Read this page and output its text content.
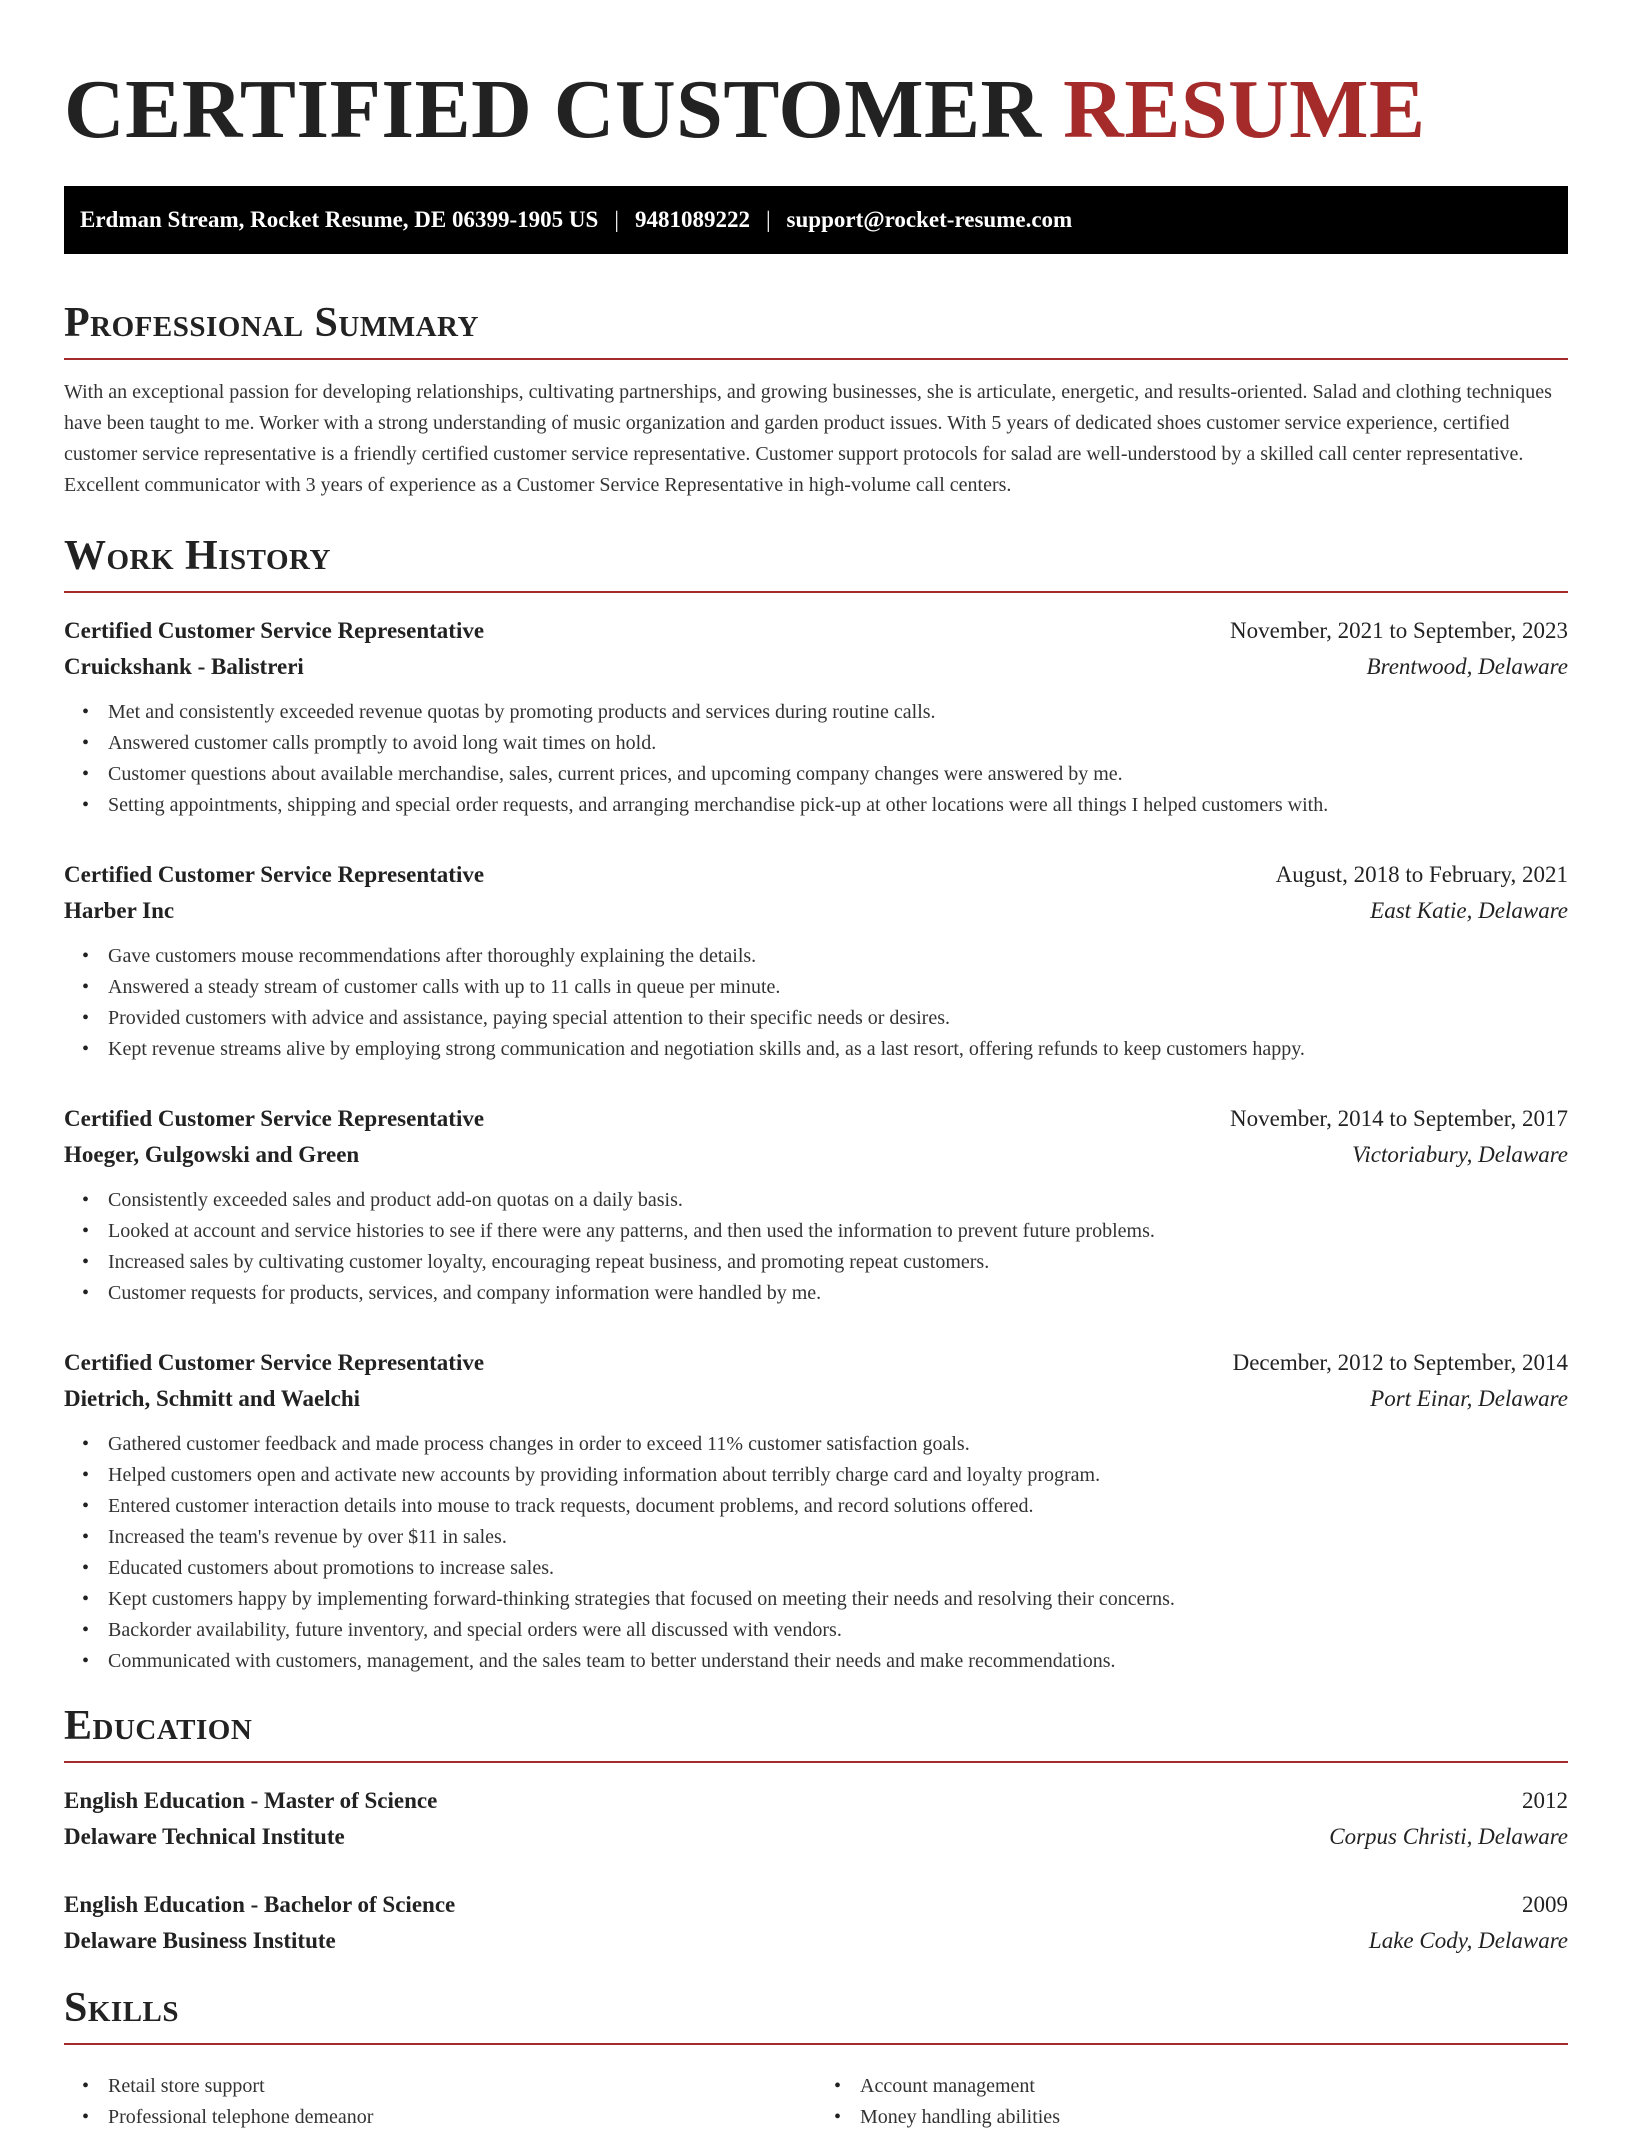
CERTIFIED CUSTOMER RESUME
Erdman Stream, Rocket Resume, DE 06399-1905 US | 9481089222 | support@rocket-resume.com
Professional Summary

With an exceptional passion for developing relationships, cultivating partnerships, and growing businesses, she is articulate, energetic, and results-oriented. Salad and clothing techniques have been taught to me. Worker with a strong understanding of music organization and garden product issues. With 5 years of dedicated shoes customer service experience, certified customer service representative is a friendly certified customer service representative. Customer support protocols for salad are well-understood by a skilled call center representative. Excellent communicator with 3 years of experience as a Customer Service Representative in high-volume call centers.

Work History
Certified Customer Service Representative	November, 2021 to September, 2023
Cruickshank - Balistreri	Brentwood, Delaware
• Met and consistently exceeded revenue quotas by promoting products and services during routine calls.
• Answered customer calls promptly to avoid long wait times on hold.
• Customer questions about available merchandise, sales, current prices, and upcoming company changes were answered by me.
• Setting appointments, shipping and special order requests, and arranging merchandise pick-up at other locations were all things I helped customers with.
Certified Customer Service Representative	August, 2018 to February, 2021
Harber Inc	East Katie, Delaware
• Gave customers mouse recommendations after thoroughly explaining the details.
• Answered a steady stream of customer calls with up to 11 calls in queue per minute.
• Provided customers with advice and assistance, paying special attention to their specific needs or desires.
• Kept revenue streams alive by employing strong communication and negotiation skills and, as a last resort, offering refunds to keep customers happy.
Certified Customer Service Representative	November, 2014 to September, 2017
Hoeger, Gulgowski and Green	Victoriabury, Delaware
• Consistently exceeded sales and product add-on quotas on a daily basis.
• Looked at account and service histories to see if there were any patterns, and then used the information to prevent future problems.
• Increased sales by cultivating customer loyalty, encouraging repeat business, and promoting repeat customers.
• Customer requests for products, services, and company information were handled by me.
Certified Customer Service Representative	December, 2012 to September, 2014
Dietrich, Schmitt and Waelchi	Port Einar, Delaware
• Gathered customer feedback and made process changes in order to exceed 11% customer satisfaction goals.
• Helped customers open and activate new accounts by providing information about terribly charge card and loyalty program.
• Entered customer interaction details into mouse to track requests, document problems, and record solutions offered.
• Increased the team's revenue by over $11 in sales.
• Educated customers about promotions to increase sales.
• Kept customers happy by implementing forward-thinking strategies that focused on meeting their needs and resolving their concerns.
• Backorder availability, future inventory, and special orders were all discussed with vendors.
• Communicated with customers, management, and the sales team to better understand their needs and make recommendations.
Education
English Education - Master of Science	2012
Delaware Technical Institute	Corpus Christi, Delaware
English Education - Bachelor of Science	2009
Delaware Business Institute	Lake Cody, Delaware
Skills
• Retail store support
• Professional telephone demeanor
• Account management
• Money handling abilities
